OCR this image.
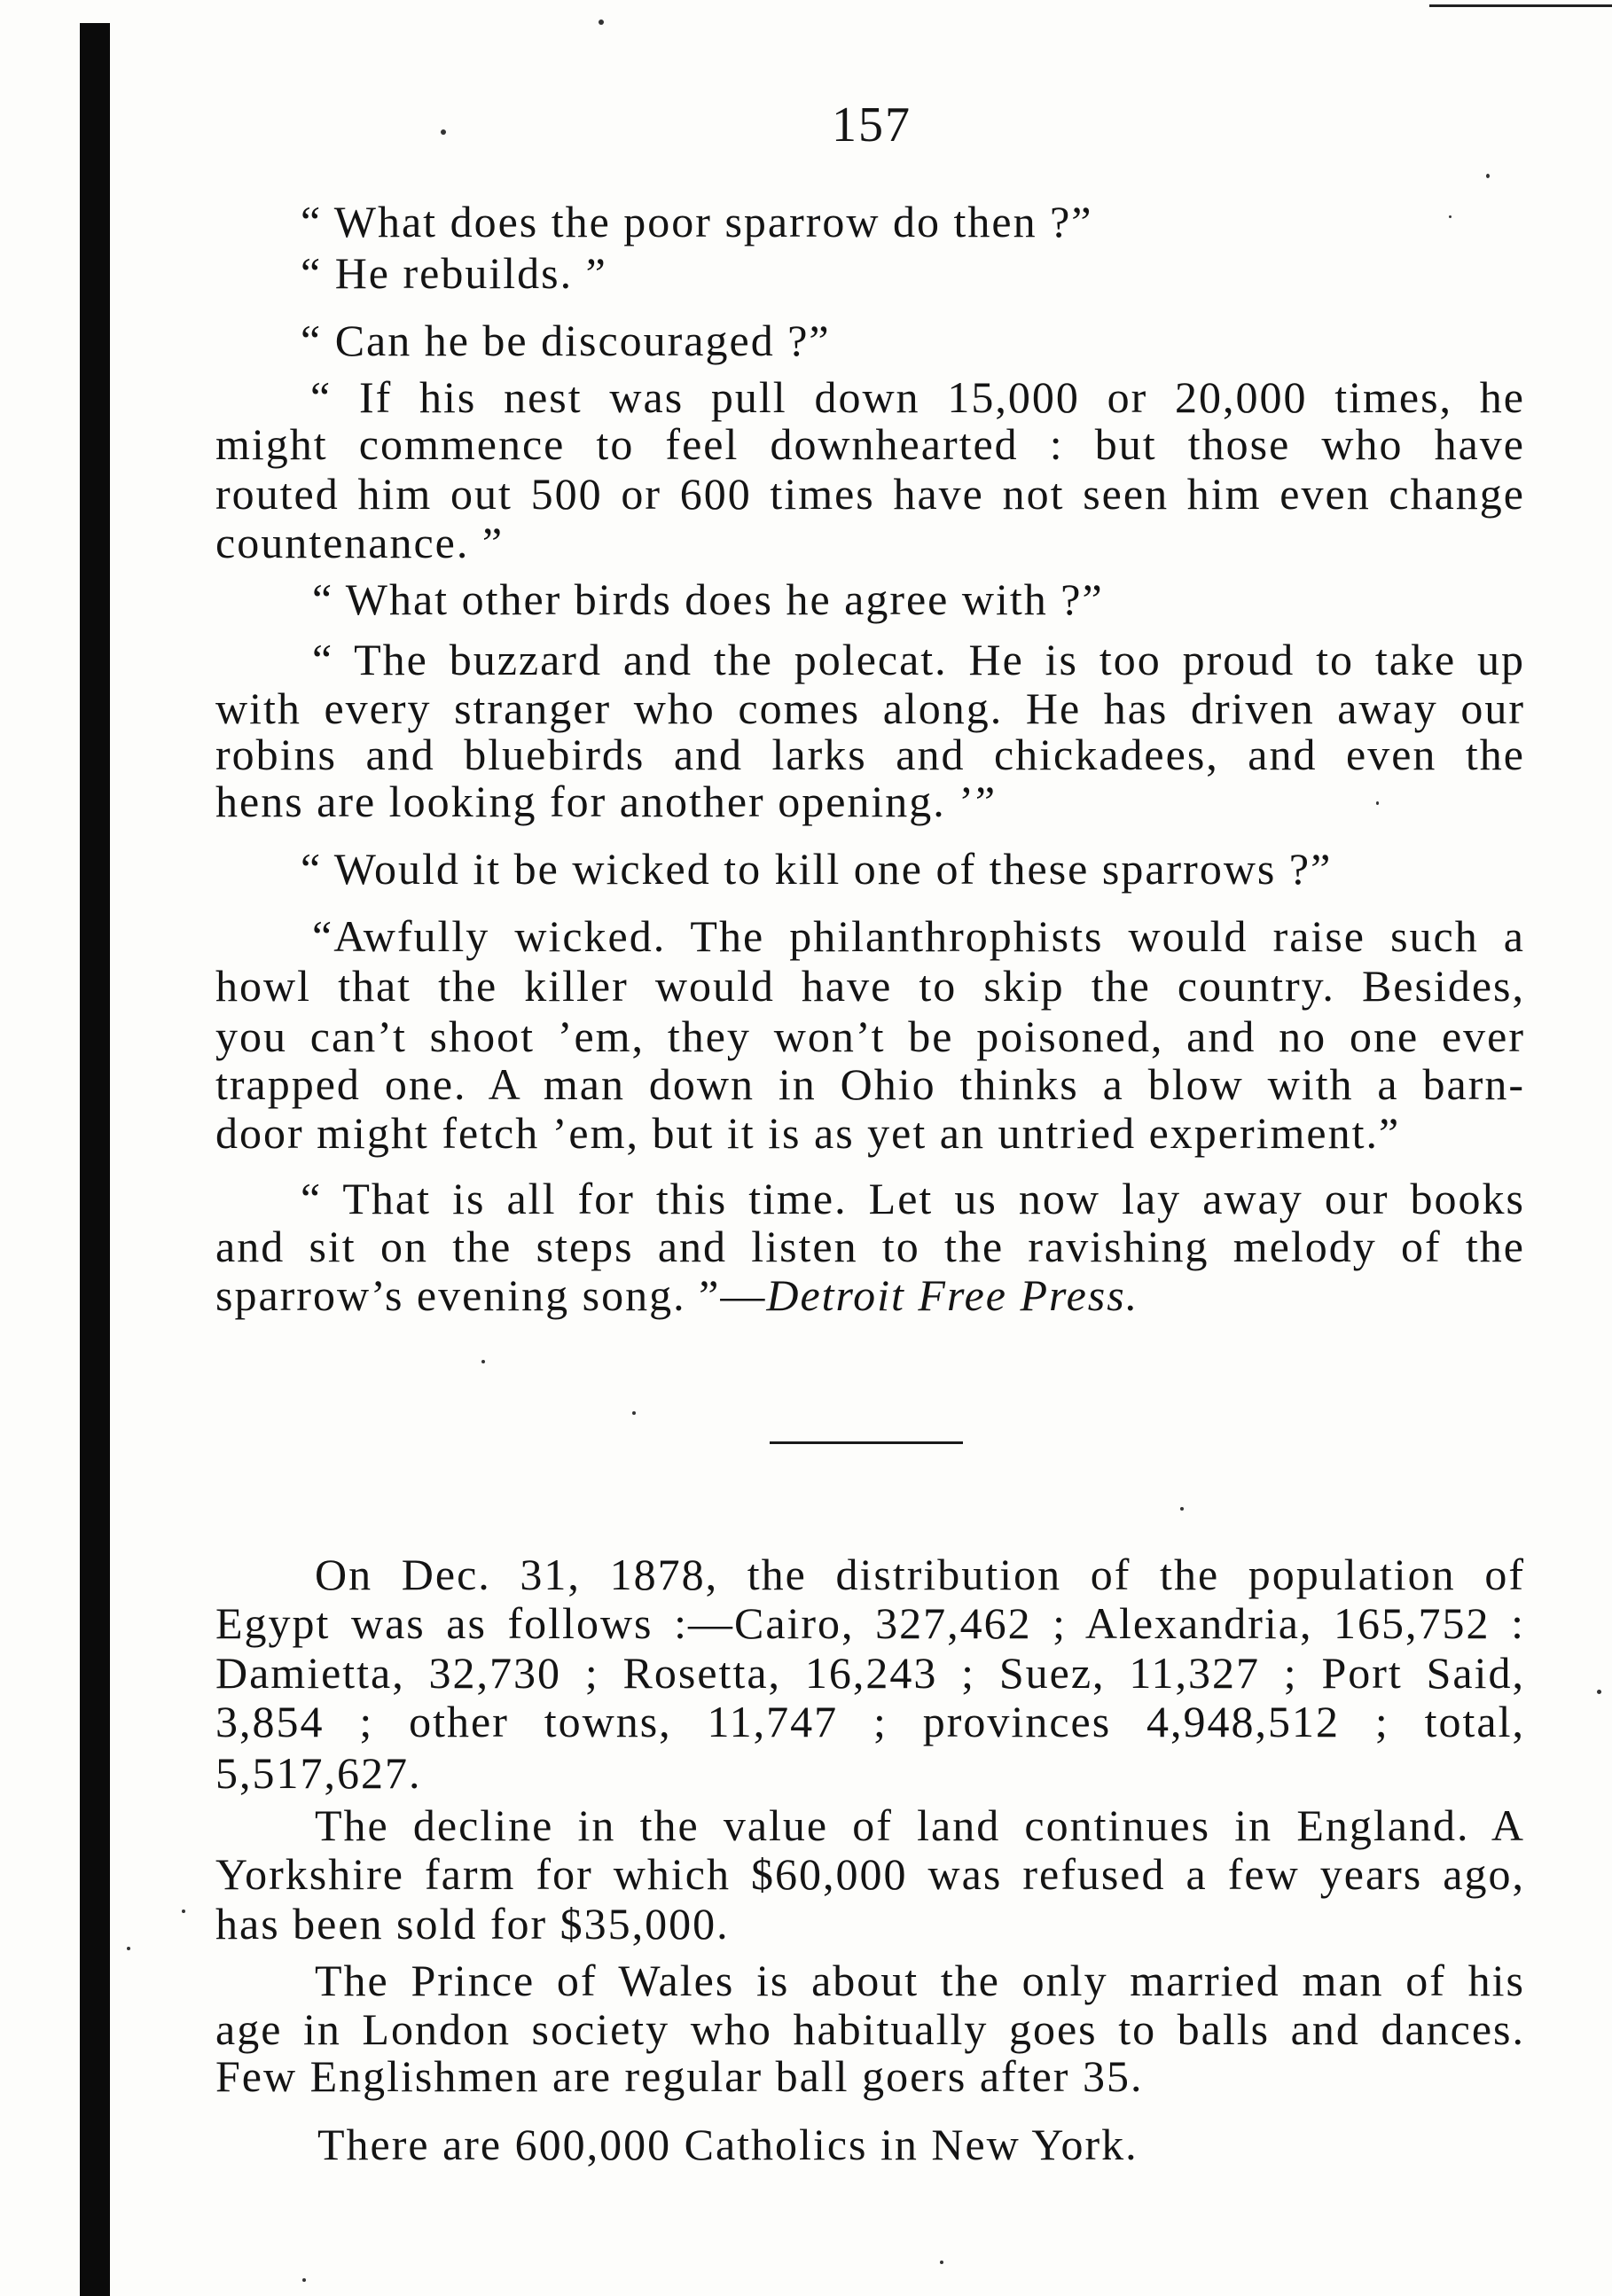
157
“ What does the poor sparrow do then ?”
“ He rebuilds. ”
“ Can he be discouraged ?”
“ If his nest was pull down 15,000 or 20,000 times, he
might commence to feel downhearted : but those who have
routed him out 500 or 600 times have not seen him even change
countenance. ”
“ What other birds does he agree with ?”
“ The buzzard and the polecat. He is too proud to take up
with every stranger who comes along. He has driven away our
robins and bluebirds and larks and chickadees, and even the
hens are looking for another opening. ’”
“ Would it be wicked to kill one of these sparrows ?”
“Awfully wicked. The philanthrophists would raise such a
howl that the killer would have to skip the country. Besides,
you can’t shoot ’em, they won’t be poisoned, and no one ever
trapped one. A man down in Ohio thinks a blow with a barn-
door might fetch ’em, but it is as yet an untried experiment.”
“ That is all for this time. Let us now lay away our books
and sit on the steps and listen to the ravishing melody of the
sparrow’s evening song. ”—Detroit Free Press.
On Dec. 31, 1878, the distribution of the population of
Egypt was as follows :—Cairo, 327,462 ; Alexandria, 165,752 :
Damietta, 32,730 ; Rosetta, 16,243 ; Suez, 11,327 ; Port Said,
3,854 ; other towns, 11,747 ; provinces 4,948,512 ; total,
5,517,627.
The decline in the value of land continues in England. A
Yorkshire farm for which $60,000 was refused a few years ago,
has been sold for $35,000.
The Prince of Wales is about the only married man of his
age in London society who habitually goes to balls and dances.
Few Englishmen are regular ball goers after 35.
There are 600,000 Catholics in New York.
